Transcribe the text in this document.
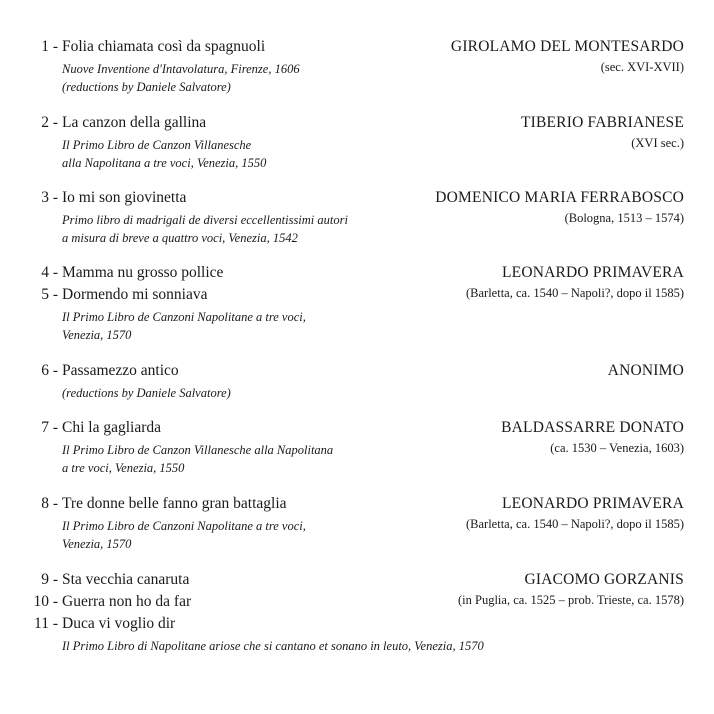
1 - Folia chiamata così da spagnuoli	GIROLAMO DEL MONTESARDO
(sec. XVI-XVII)
Nuove Inventione d'Intavolatura, Firenze, 1606
(reductions by Daniele Salvatore)
2 - La canzon della gallina	TIBERIO FABRIANESE
(XVI sec.)
Il Primo Libro de Canzon Villanesche
alla Napolitana a tre voci, Venezia, 1550
3 - Io mi son giovinetta	DOMENICO MARIA FERRABOSCO
(Bologna, 1513 – 1574)
Primo libro di madrigali de diversi eccellentissimi autori
a misura di breve a quattro voci, Venezia, 1542
4 - Mamma nu grosso pollice	LEONARDO PRIMAVERA
(Barletta, ca. 1540 – Napoli?, dopo il 1585)
5 - Dormendo mi sonniava
Il Primo Libro de Canzoni Napolitane a tre voci,
Venezia, 1570
6 - Passamezzo antico	ANONIMO
(reductions by Daniele Salvatore)
7 - Chi la gagliarda	BALDASSARRE DONATO
(ca. 1530 – Venezia, 1603)
Il Primo Libro de Canzon Villanesche alla Napolitana
a tre voci, Venezia, 1550
8 - Tre donne belle fanno gran battaglia	LEONARDO PRIMAVERA
(Barletta, ca. 1540 – Napoli?, dopo il 1585)
Il Primo Libro de Canzoni Napolitane a tre voci,
Venezia, 1570
9 - Sta vecchia canaruta	GIACOMO GORZANIS
(in Puglia, ca. 1525 – prob. Trieste, ca. 1578)
10 - Guerra non ho da far
11 - Duca vi voglio dir
Il Primo Libro di Napolitane ariose che si cantano et sonano in leuto, Venezia, 1570
